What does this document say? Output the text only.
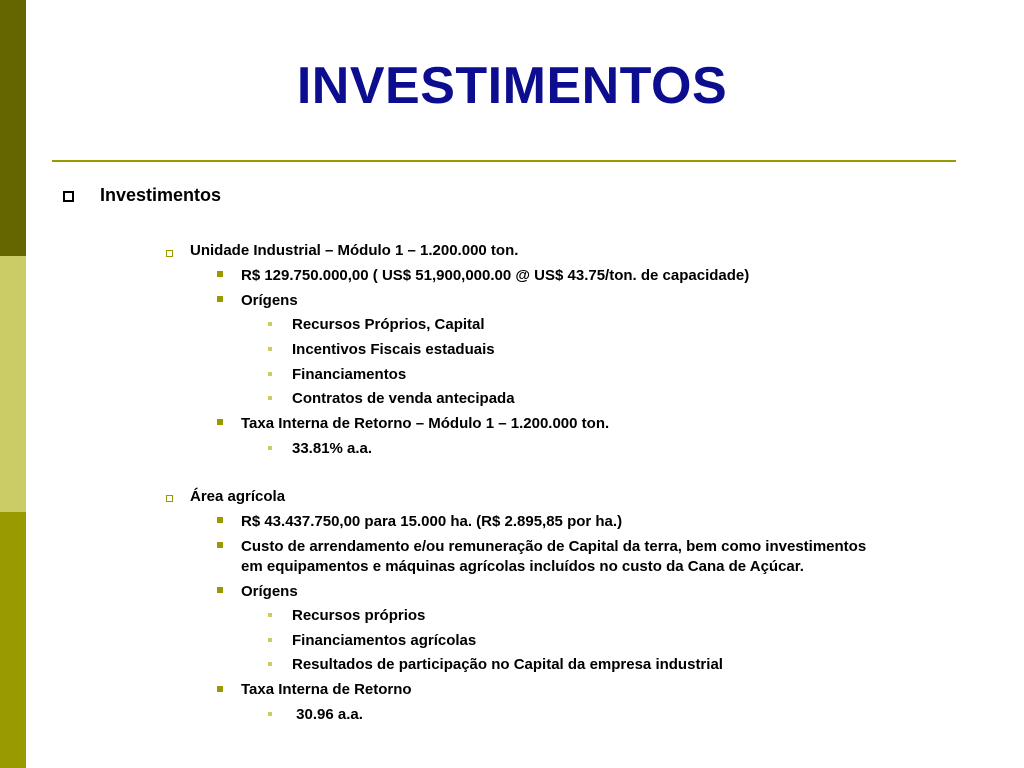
INVESTIMENTOS
Investimentos
Unidade Industrial – Módulo 1 – 1.200.000 ton.
R$ 129.750.000,00 ( US$ 51,900,000.00 @ US$ 43.75/ton. de capacidade)
Orígens
Recursos Próprios, Capital
Incentivos Fiscais estaduais
Financiamentos
Contratos de venda antecipada
Taxa Interna de Retorno – Módulo 1 – 1.200.000 ton.
33.81% a.a.
Área agrícola
R$ 43.437.750,00 para 15.000 ha. (R$ 2.895,85 por ha.)
Custo de arrendamento e/ou remuneração de Capital da terra, bem como investimentos
em equipamentos e máquinas agrícolas incluídos no custo da Cana de Açúcar.
Orígens
Recursos próprios
Financiamentos agrícolas
Resultados de participação no Capital da empresa industrial
Taxa Interna de Retorno
30.96 a.a.
